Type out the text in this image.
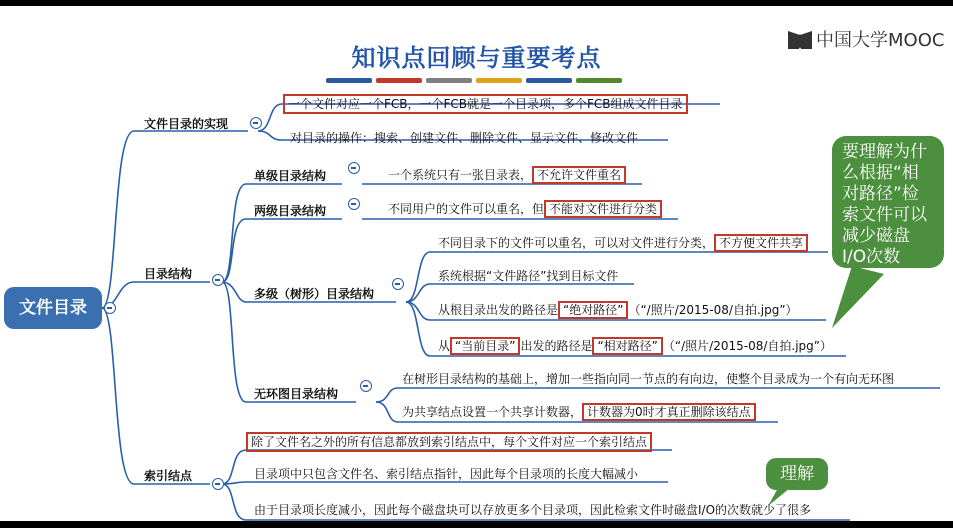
知识点回顾与重要考点
中国大学MOOC
文件目录
文件目录的实现
一个文件对应一个FCB，一个FCB就是一个目录项，多个FCB组成文件目录
对目录的操作：搜索、创建文件、删除文件、显示文件、修改文件
目录结构
单级目录结构	一个系统只有一张目录表， 不允许文件重名
两级目录结构	不同用户的文件可以重名，但 不能对文件进行分类
多级（树形）目录结构
不同目录下的文件可以重名，可以对文件进行分类， 不方便文件共享
系统根据“文件路径”找到目标文件
从根目录出发的路径是 “绝对路径” （“/照片/2015-08/自拍.jpg”）
从 “当前目录” 出发的路径是 “相对路径” （“/照片/2015-08/自拍.jpg”）
无环图目录结构
在树形目录结构的基础上，增加一些指向同一节点的有向边，使整个目录成为一个有向无环图
为共享结点设置一个共享计数器， 计数器为0时才真正删除该结点
索引结点
除了文件名之外的所有信息都放到索引结点中，每个文件对应一个索引结点
目录项中只包含文件名、索引结点指针，因此每个目录项的长度大幅减小
由于目录项长度减小，因此每个磁盘块可以存放更多个目录项，因此检索文件时磁盘I/O的次数就少了很多
要理解为什
么根据“相
对路径”检
索文件可以
减少磁盘
I/O次数
理解
